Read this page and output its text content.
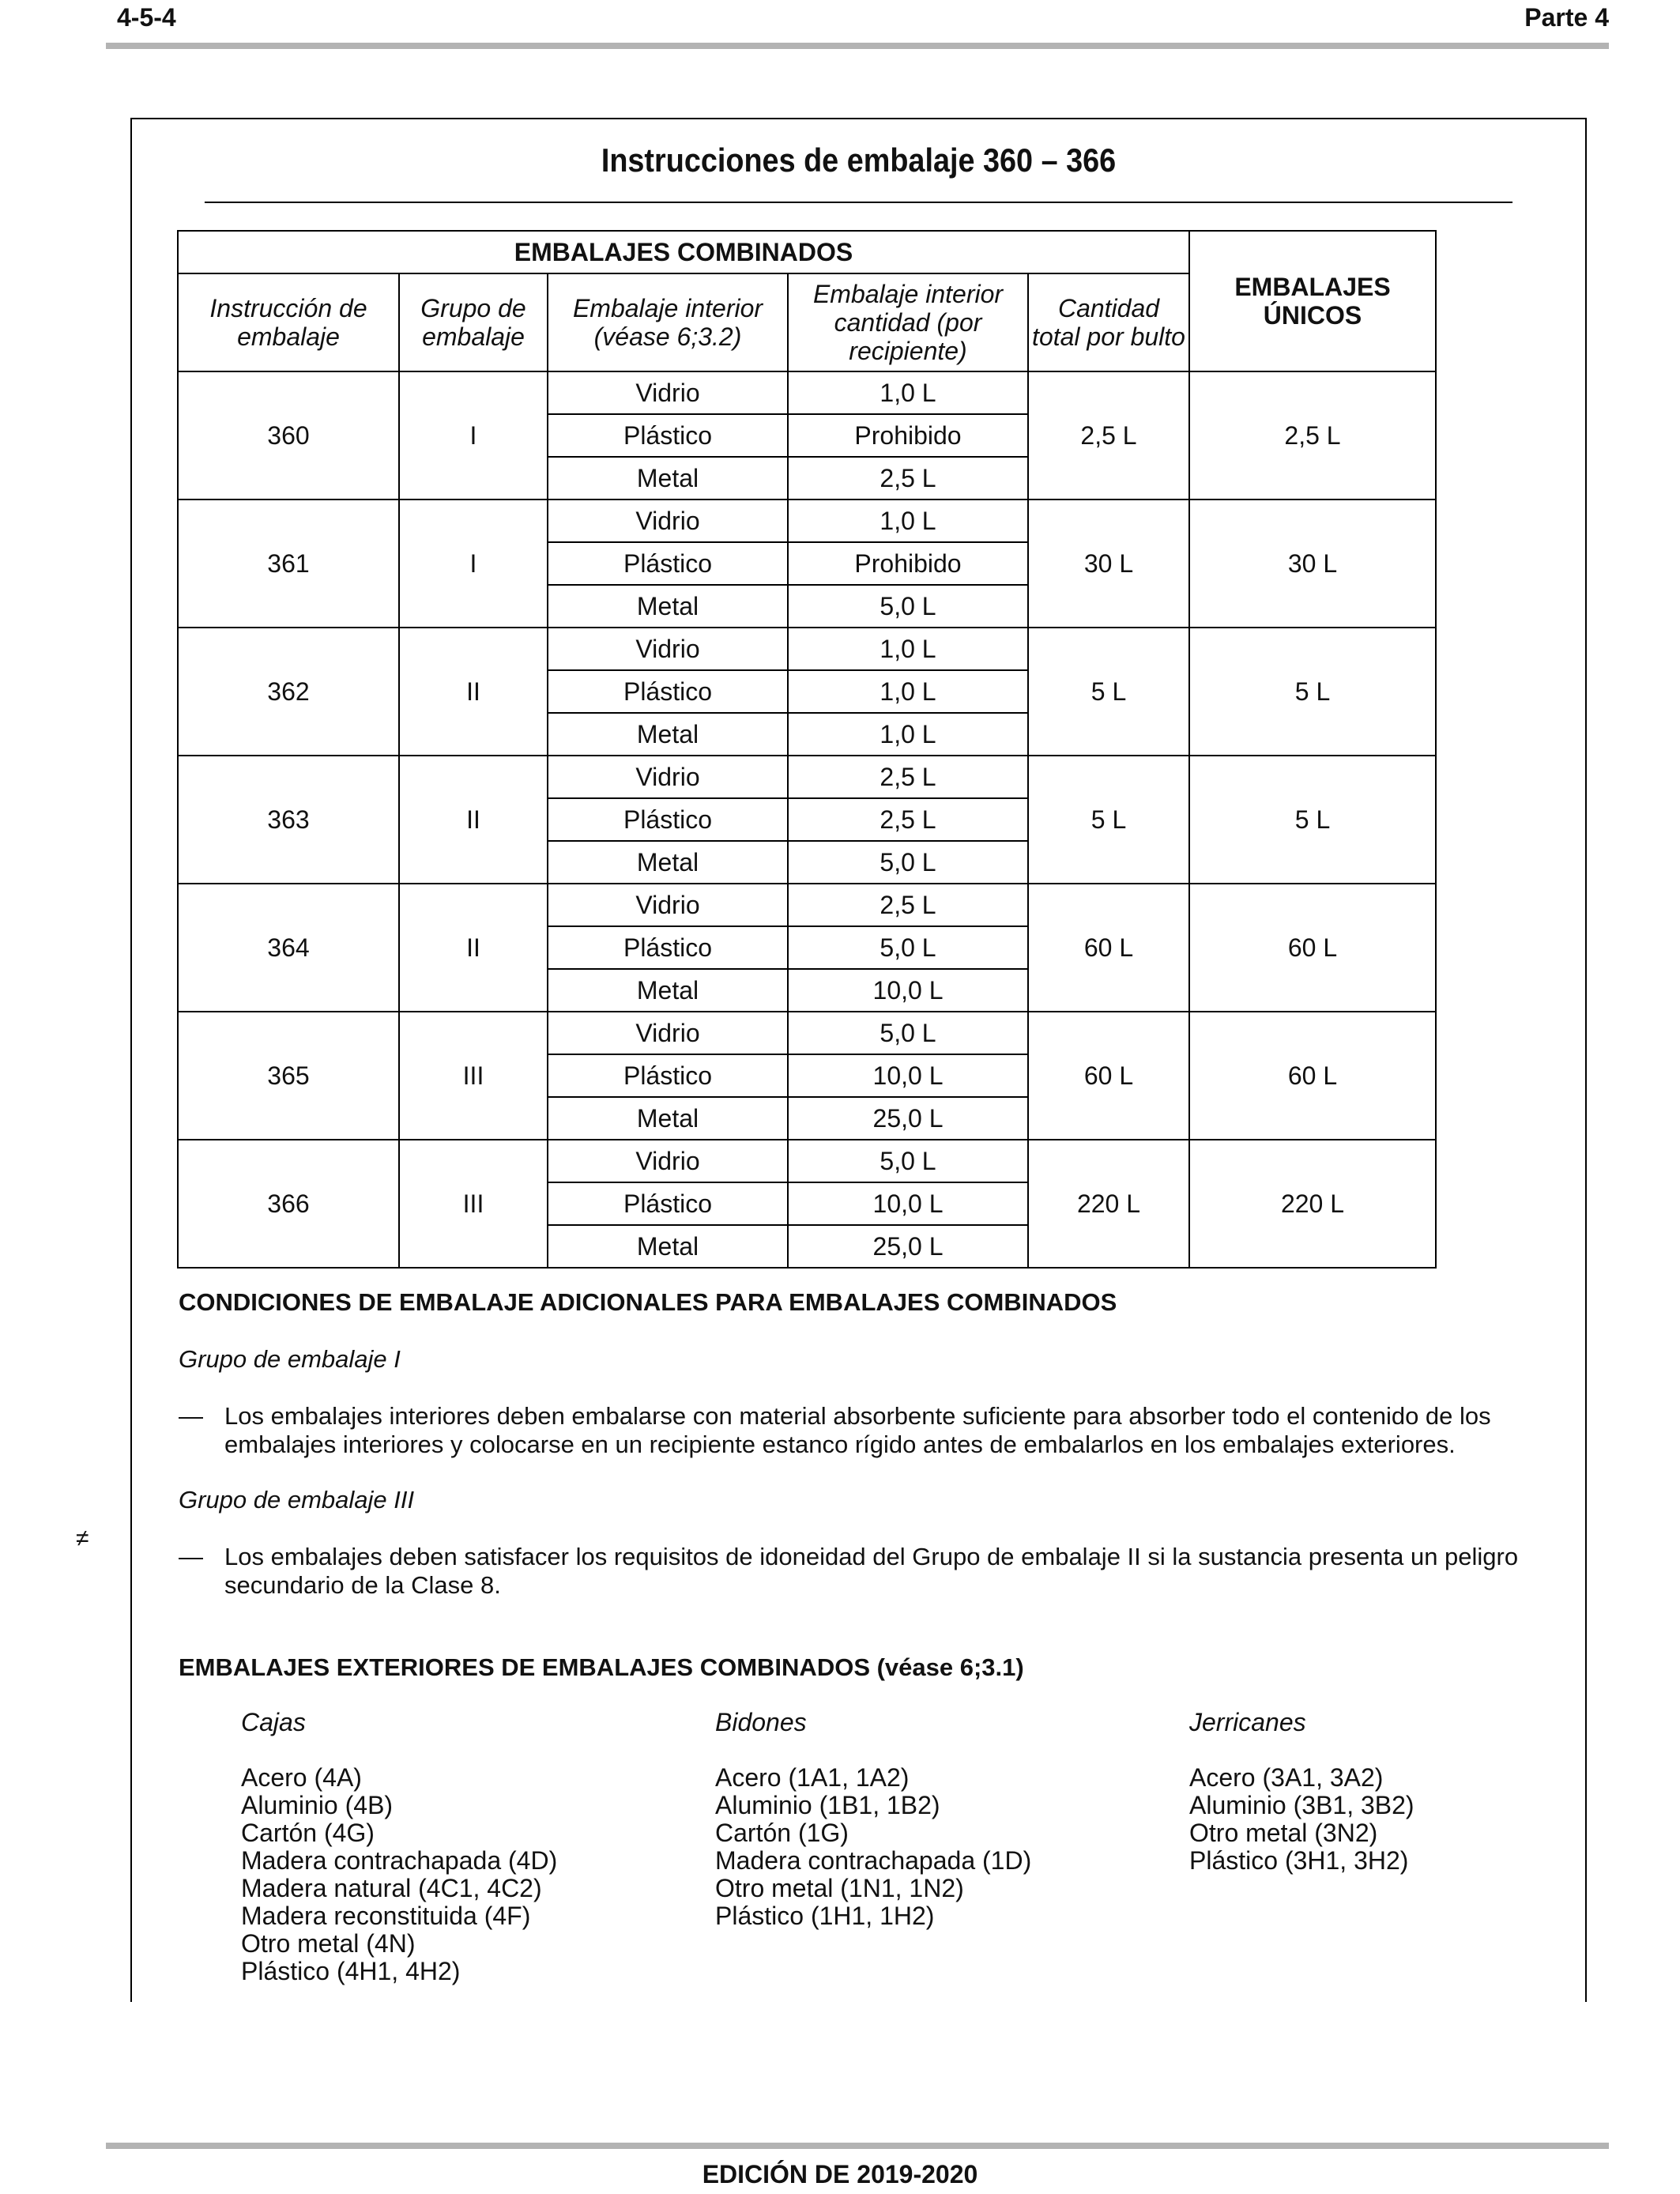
4-5-4	Parte 4
Instrucciones de embalaje 360 – 366
EMBALAJES COMBINADOS					EMBALAJES ÚNICOS
Instrucción de embalaje	Grupo de embalaje	Embalaje interior (véase 6;3.2)	Embalaje interior cantidad (por recipiente)	Cantidad total por bulto	
360	I	Vidrio	1,0 L	2,5 L	2,5 L
		Plástico	Prohibido		
		Metal	2,5 L		
361	I	Vidrio	1,0 L	30 L	30 L
		Plástico	Prohibido		
		Metal	5,0 L		
362	II	Vidrio	1,0 L	5 L	5 L
		Plástico	1,0 L		
		Metal	1,0 L		
363	II	Vidrio	2,5 L	5 L	5 L
		Plástico	2,5 L		
		Metal	5,0 L		
364	II	Vidrio	2,5 L	60 L	60 L
		Plástico	5,0 L		
		Metal	10,0 L		
365	III	Vidrio	5,0 L	60 L	60 L
		Plástico	10,0 L		
		Metal	25,0 L		
366	III	Vidrio	5,0 L	220 L	220 L
		Plástico	10,0 L		
		Metal	25,0 L		
CONDICIONES DE EMBALAJE ADICIONALES PARA EMBALAJES COMBINADOS
Grupo de embalaje I
— Los embalajes interiores deben embalarse con material absorbente suficiente para absorber todo el contenido de los embalajes interiores y colocarse en un recipiente estanco rígido antes de embalarlos en los embalajes exteriores.
Grupo de embalaje III
— Los embalajes deben satisfacer los requisitos de idoneidad del Grupo de embalaje II si la sustancia presenta un peligro secundario de la Clase 8.
EMBALAJES EXTERIORES DE EMBALAJES COMBINADOS (véase 6;3.1)
Cajas
Acero (4A)
Aluminio (4B)
Cartón (4G)
Madera contrachapada (4D)
Madera natural (4C1, 4C2)
Madera reconstituida (4F)
Otro metal (4N)
Plástico (4H1, 4H2)
Bidones
Acero (1A1, 1A2)
Aluminio (1B1, 1B2)
Cartón (1G)
Madera contrachapada (1D)
Otro metal (1N1, 1N2)
Plástico (1H1, 1H2)
Jerricanes
Acero (3A1, 3A2)
Aluminio (3B1, 3B2)
Otro metal (3N2)
Plástico (3H1, 3H2)
≠
EDICIÓN DE 2019-2020
